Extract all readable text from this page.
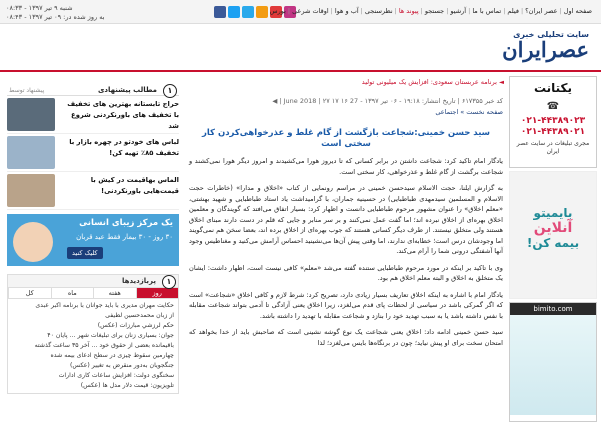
شنبه ۹ تیر ۱۳۹۷ - ۰۸:۳۳
به روز شده در: ۰۹ تیر ۱۳۹۷ - ۰۸:۴۳
صفحه اول|عصر ایران؟|فیلم|تماس با ما|آرشیو|جستجو|پیوند ها|نظرسنجی|آب و هوا|اوقات شرعی|بورس
سایت تحلیلی خبری
عصرایران
◄ برنامه عربستان سعودی: افزایش یک میلیونی تولید	یکتانت
☎
۰۲۱-۴۴۳۸۹۰۲۳
۰۲۱-۴۴۳۸۹۰۲۱
مجری تبلیغات در سایت عصر ایران
بایمیتو
آنلاین
بیمه کن!
bimito.com
کد خبر ۶۱۷۳۵۵ | تاریخ انتشار: ۱۹:۱۸ - ۰۶ تیر ۱۳۹۷ - 27 June 2018 | ۲۷ ۱۷ ۱۶ | ◀
صفحه نخست » اجتماعی
سید حسن خمینی:شجاعت بازگشت از گام غلط و عذرخواهی‌کردن کار سختی است
یادگار امام تاکید کرد: شجاعت داشتن در برابر کسانی که تا دیروز هورا می‌کشیدند و امروز دیگر هورا نمی‌کشند و شجاعت برگشت از گام غلط و عذرخواهی، کار سختی است.
به گزارش ایلنا، حجت الاسلام سیدحسن خمینی در مراسم رونمایی از کتاب «اخلاق و مدارا» (خاطرات حجت الاسلام و المسلمین سیدمهدی طباطبایی) در حسینیه جماران، با گرامیداشت یاد استاد طباطبایی و شهید بهشتی، «معلم اخلاق» را عنوان مشهور مرحوم طباطبایی دانست و اظهار کرد: بسیار اتفاق می‌افتد که گویندگان و معلمین اخلاق بهره‌ای از اخلاق نبرده اند؛ اما گفت عمل نمی‌کنند و بر سر منابر و جایی که قلم در دست دارند مبنای اخلاق هستند ولی متخلق نیستند. از طرف دیگر کسانی هستند که جوب بهره‌ای از اخلاق برده اند، بعضا سخن هم نمی‌گویند اما وجودشان درس است؛ خطابه‌ای ندارند، اما وقتی پیش آن‌ها می‌نشینید احساس آرامش می‌کنید و مغناطیس وجود آنها آشفتگی درونی شما را آرام می‌کند.
وی با تاکید بر اینکه در مورد مرحوم طباطبایی ستنده گفته می‌شد «معلم» کافی نیست است، اظهار داشت: ایشان یک متخلق به اخلاق و البته معلم اخلاق هم بود.
یادگار امام با اشاره به اینکه اخلاق تعاریف بسیار زیادی دارد، تصریح کرد: شرط لازم و کافی اخلاق «شجاعت» است که اگر گمرکی باشد در سیاسی از لحظات پای قدم می‌لغزد، زیرا اخلاق یعنی آزادگی تا آدمی بتواند شجاعت مقابله با نفس داشته باشد یا به سبب تهدید خود را بنازد و شجاعت مقابله با تهدید را داشته باشد.
سید حسن خمینی ادامه داد: اخلاق یعنی شجاعت یک نوع گوشه نشینی است که صاحبش باید از خدا بخواهد که امتحان سخت برای او پیش نیاید؛ چون در برنگاه‌ها بايس می‌لغزد؛ لذا
۱
مطالب پیشنهادی
پیشنهاد توسط
حراج تابستانه بهترین های تخفیف با تخفیف های باورنکردنی شروع شد
لباس های خودتو در چهره بازار با تخفیف ۸۵٪ تهیه کن!
الماس بهاقیمت در کیش با قیمت‌هایی باورنکردنی!
یک مرکز زیبای انسانی
۳۰ روز - ۳۰ بیمار فقط عید قربان
کلیک کنید
۱
پربازدیدها
روز
هفته
ماه
کل
حکایت مهران مدیری با باید جوانان با برنامه اکبر عبدی
از زبان محمدحسین لطیفی
حکم لرزشي مبارزات (عکس)
جوان: بسیاری زنان برای تبلیغات شهر ... پایان ۴۰
باقیمانده بعضی از حقوق خود ... آخر ۳۵ ساعت گذشته
چهارمین سقوط چیزی در سطح ادعای بیمه شده
جنگجویان به‌دور منقرض به تغییر (عکس)
سخنگوی دولت: افزایش ساعات کاری ادارات
تلویزیون: قیمت دلار مدل ها (عکس)
